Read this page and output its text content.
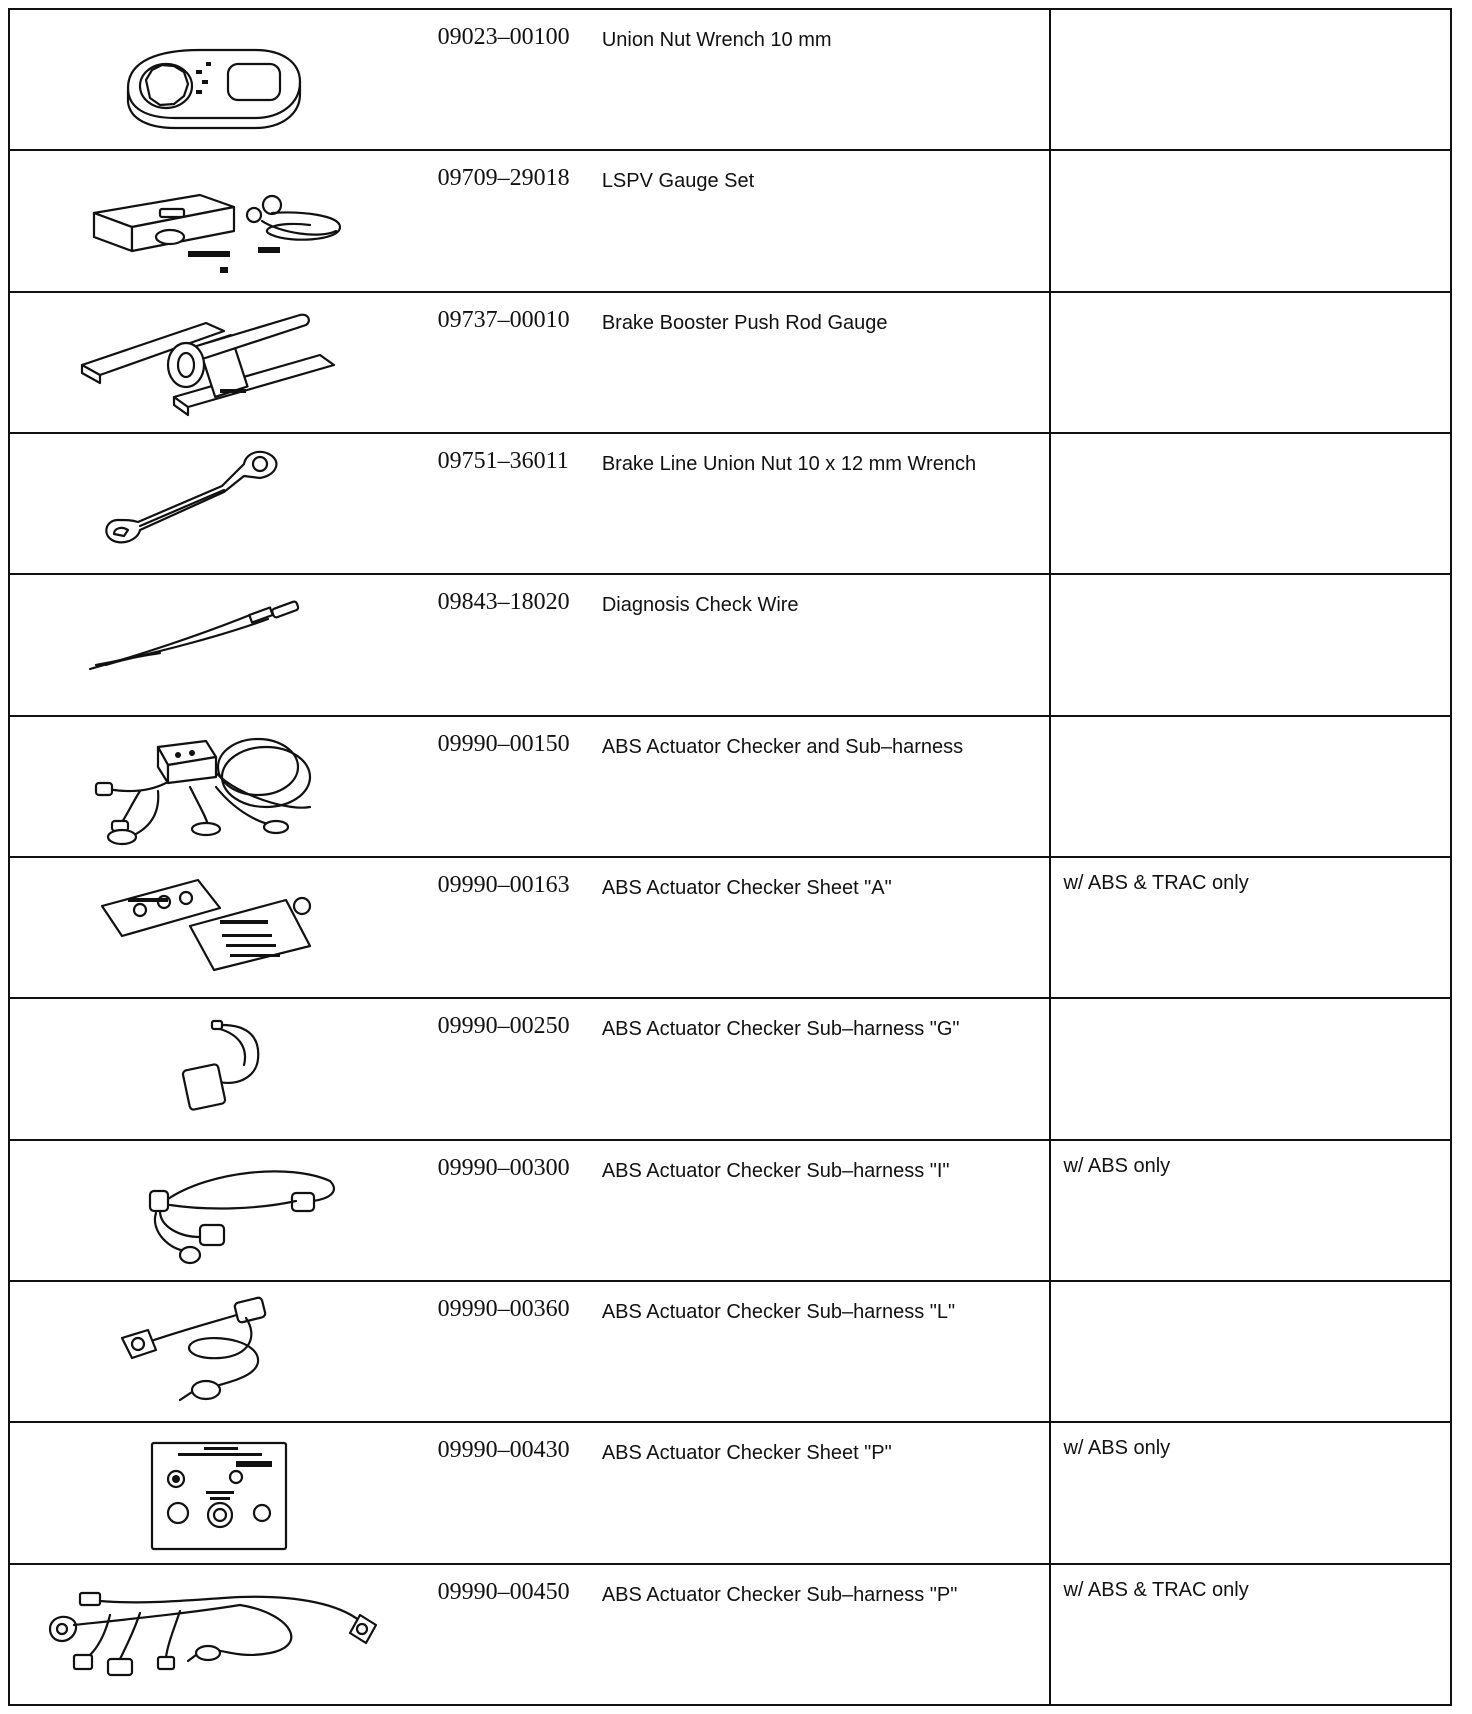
09023–00100	Union Nut Wrench 10 mm	

09709–29018	LSPV Gauge Set	

09737–00010	Brake Booster Push Rod Gauge	

09751–36011	Brake Line Union Nut 10 x 12 mm Wrench	

09843–18020	Diagnosis Check Wire	

09990–00150	ABS Actuator Checker and Sub–harness	

09990–00163	ABS Actuator Checker Sheet "A"	w/ ABS & TRAC only

09990–00250	ABS Actuator Checker Sub–harness "G"	

09990–00300	ABS Actuator Checker Sub–harness "I"	w/ ABS only

09990–00360	ABS Actuator Checker Sub–harness "L"	

09990–00430	ABS Actuator Checker Sheet "P"	w/ ABS only

09990–00450	ABS Actuator Checker Sub–harness "P"	w/ ABS & TRAC only
